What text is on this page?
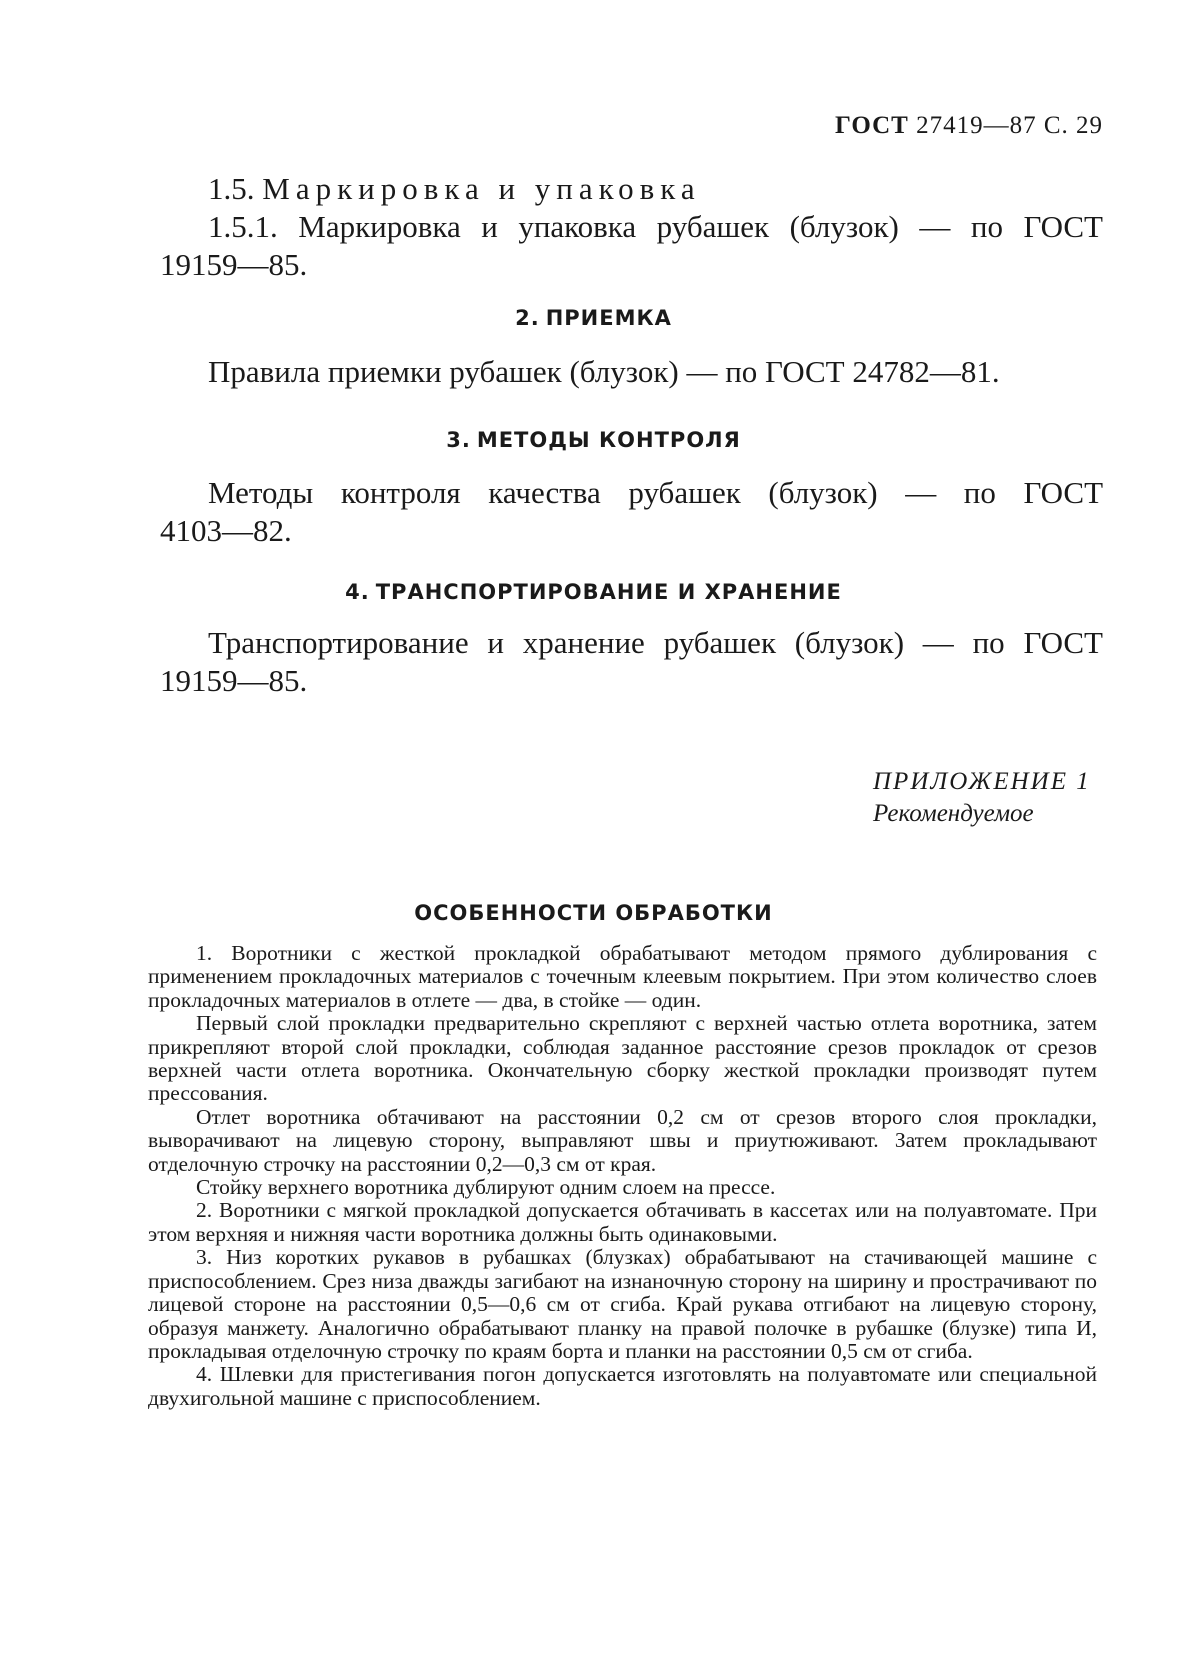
ГОСТ 27419—87 С. 29
1.5. Маркировка и упаковка
1.5.1. Маркировка и упаковка рубашек (блузок) — по ГОСТ
19159—85.
2. ПРИЕМКА
Правила приемки рубашек (блузок) — по ГОСТ 24782—81.
3. МЕТОДЫ КОНТРОЛЯ
Методы контроля качества рубашек (блузок) — по ГОСТ
4103—82.
4. ТРАНСПОРТИРОВАНИЕ И ХРАНЕНИЕ
Транспортирование и хранение рубашек (блузок) — по ГОСТ
19159—85.
ПРИЛОЖЕНИЕ 1
Рекомендуемое
ОСОБЕННОСТИ ОБРАБОТКИ

1. Воротники с жесткой прокладкой обрабатывают методом прямого дублирования с применением прокладочных материалов с точечным клеевым покрытием. При этом количество слоев прокладочных материалов в отлете — два, в стойке — один.

Первый слой прокладки предварительно скрепляют с верхней частью отлета воротника, затем прикрепляют второй слой прокладки, соблюдая заданное расстояние срезов прокладок от срезов верхней части отлета воротника. Окончательную сборку жесткой прокладки производят путем прессования.

Отлет воротника обтачивают на расстоянии 0,2 см от срезов второго слоя прокладки, выворачивают на лицевую сторону, выправляют швы и приутюживают. Затем прокладывают отделочную строчку на расстоянии 0,2—0,3 см от края.

Стойку верхнего воротника дублируют одним слоем на прессе.

2. Воротники с мягкой прокладкой допускается обтачивать в кассетах или на полуавтомате. При этом верхняя и нижняя части воротника должны быть одинаковыми.

3. Низ коротких рукавов в рубашках (блузках) обрабатывают на стачивающей машине с приспособлением. Срез низа дважды загибают на изнаночную сторону на ширину и прострачивают по лицевой стороне на расстоянии 0,5—0,6 см от сгиба. Край рукава отгибают на лицевую сторону, образуя манжету. Аналогично обрабатывают планку на правой полочке в рубашке (блузке) типа И, прокладывая отделочную строчку по краям борта и планки на расстоянии 0,5 см от сгиба.

4. Шлевки для пристегивания погон допускается изготовлять на полуавтомате или специальной двухигольной машине с приспособлением.
